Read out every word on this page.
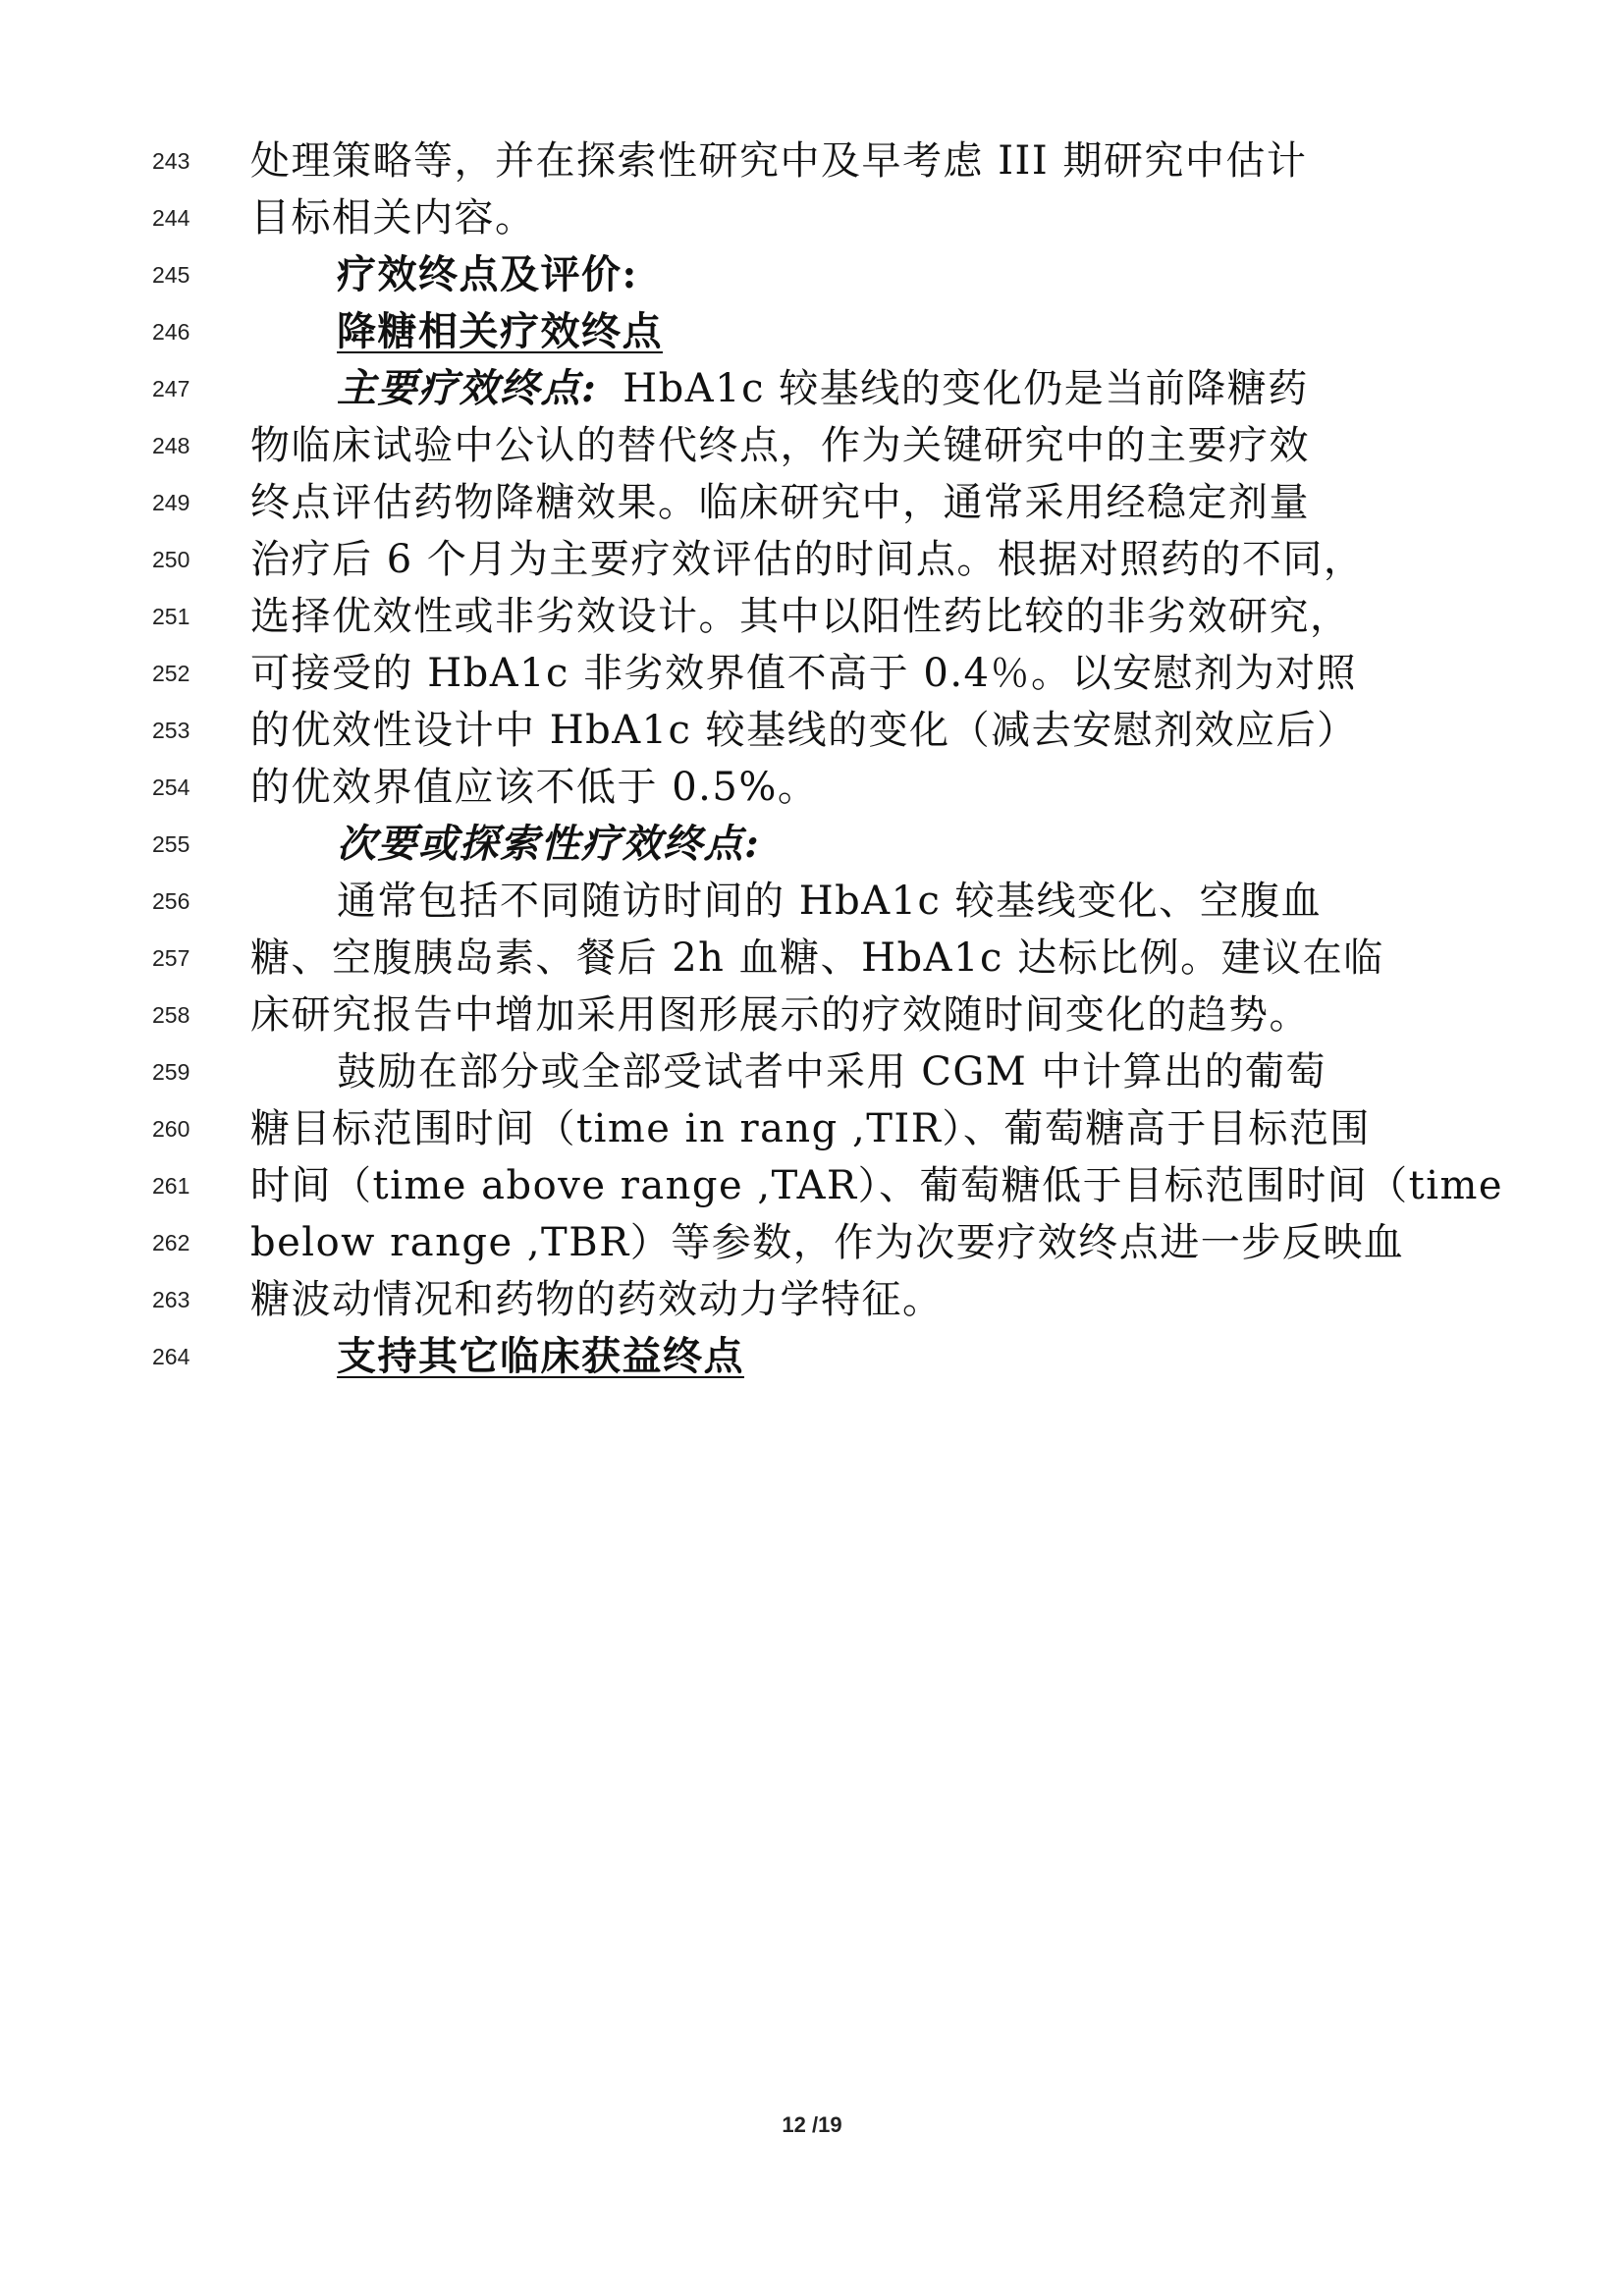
243	处理策略等，并在探索性研究中及早考虑 III 期研究中估计
244	目标相关内容。
245	疗效终点及评价:
246	降糖相关疗效终点
247	主要疗效终点: HbA1c 较基线的变化仍是当前降糖药
248	物临床试验中公认的替代终点，作为关键研究中的主要疗效
249	终点评估药物降糖效果。临床研究中，通常采用经稳定剂量
250	治疗后 6 个月为主要疗效评估的时间点。根据对照药的不同，
251	选择优效性或非劣效设计。其中以阳性药比较的非劣效研究，
252	可接受的 HbA1c 非劣效界值不高于 0.4％。以安慰剂为对照
253	的优效性设计中 HbA1c 较基线的变化（减去安慰剂效应后）
254	的优效界值应该不低于 0.5%。
255	次要或探索性疗效终点:
256	通常包括不同随访时间的 HbA1c 较基线变化、空腹血
257	糖、空腹胰岛素、餐后 2h 血糖、HbA1c 达标比例。建议在临
258	床研究报告中增加采用图形展示的疗效随时间变化的趋势。
259	鼓励在部分或全部受试者中采用 CGM 中计算出的葡萄
260	糖目标范围时间（time in rang ,TIR）、葡萄糖高于目标范围
261	时间（time above range ,TAR）、葡萄糖低于目标范围时间（time
262	below range ,TBR）等参数，作为次要疗效终点进一步反映血
263	糖波动情况和药物的药效动力学特征。
264	支持其它临床获益终点
12 /19
